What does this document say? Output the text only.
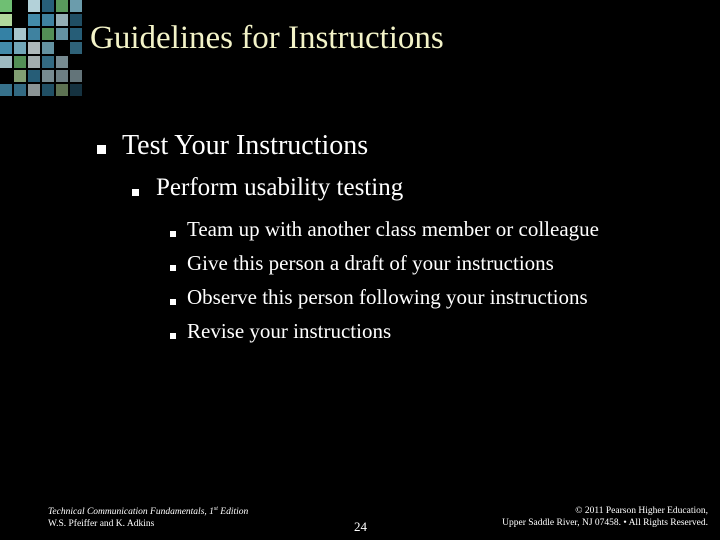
Guidelines for Instructions
Test Your Instructions
Perform usability testing
Team up with another class member or colleague
Give this person a draft of your instructions
Observe this person following your instructions
Revise your instructions
Technical Communication Fundamentals, 1st Edition
W.S. Pfeiffer and K. Adkins	24
© 2011 Pearson Higher Education,
Upper Saddle River, NJ 07458. • All Rights Reserved.
